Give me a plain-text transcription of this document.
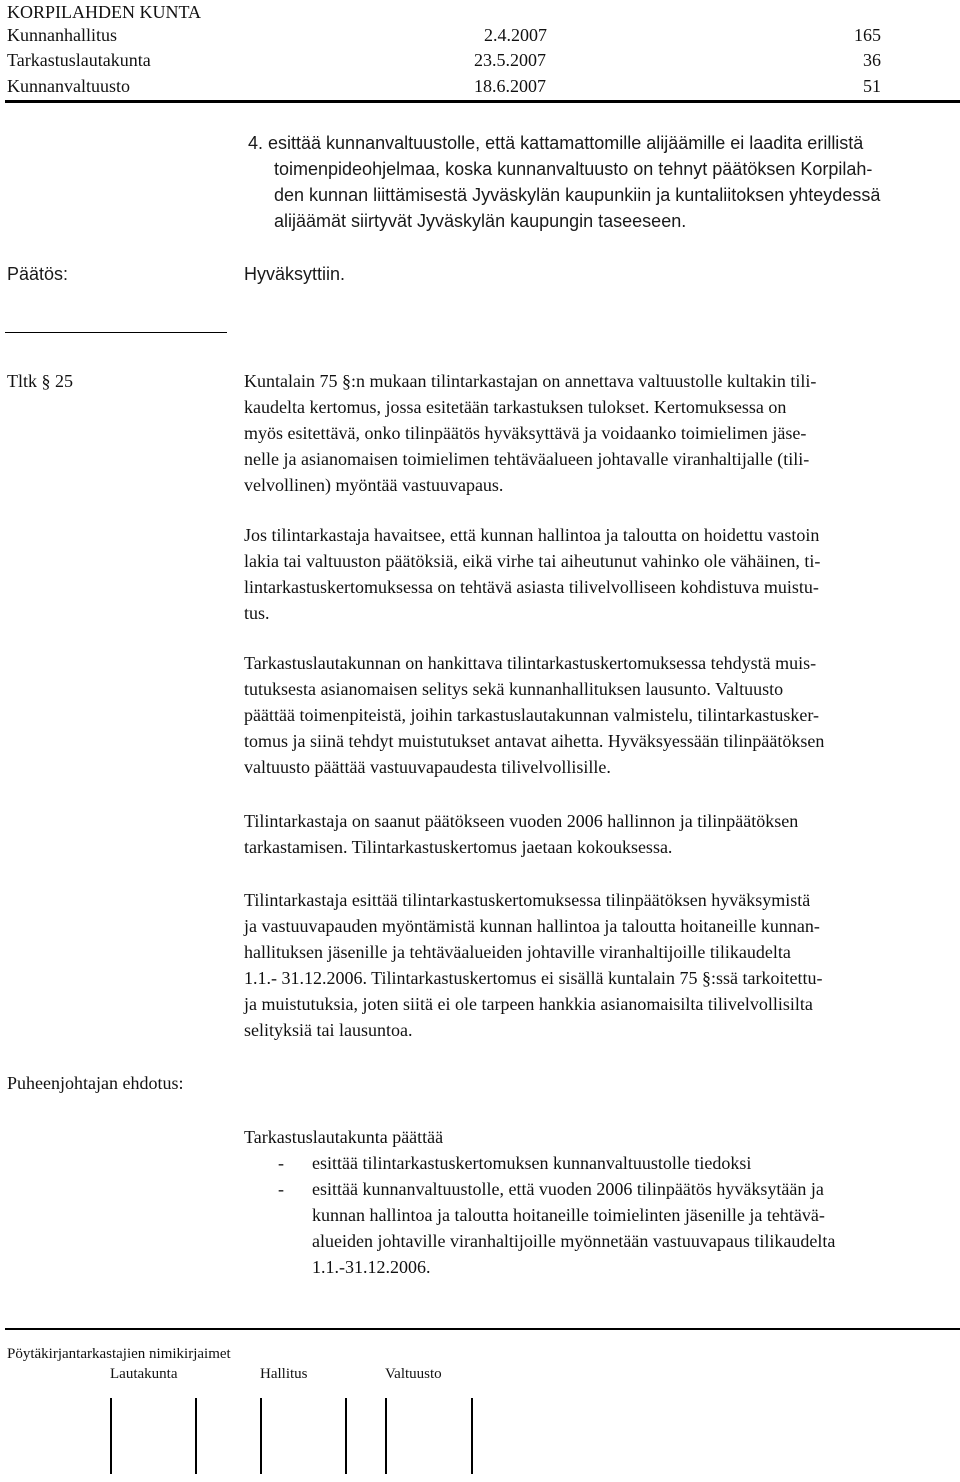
KORPILAHDEN KUNTA
Kunnanhallitus	2.4.2007	165
Tarkastuslautakunta	23.5.2007	36
Kunnanvaltuusto	18.6.2007	51
4. esittää kunnanvaltuustolle, että kattamattomille alijäämille ei laadita erillistä
toimenpideohjelmaa, koska kunnanvaltuusto on tehnyt päätöksen Korpilah-
den kunnan liittämisestä Jyväskylän kaupunkiin ja kuntaliitoksen yhteydessä
alijäämät siirtyvät Jyväskylän kaupungin taseeseen.
Päätös:	Hyväksyttiin.
Tltk § 25	Kuntalain 75 §:n mukaan tilintarkastajan on annettava valtuustolle kultakin tili-
kaudelta kertomus, jossa esitetään tarkastuksen tulokset. Kertomuksessa on
myös esitettävä, onko tilinpäätös hyväksyttävä ja voidaanko toimielimen jäse-
nelle ja asianomaisen toimielimen tehtäväalueen johtavalle viranhaltijalle (tili-
velvollinen) myöntää vastuuvapaus.
Jos tilintarkastaja havaitsee, että kunnan hallintoa ja taloutta on hoidettu vastoin
lakia tai valtuuston päätöksiä, eikä virhe tai aiheutunut vahinko ole vähäinen, ti-
lintarkastuskertomuksessa on tehtävä asiasta tilivelvolliseen kohdistuva muistu-
tus.
Tarkastuslautakunnan on hankittava tilintarkastuskertomuksessa tehdystä muis-
tutuksesta asianomaisen selitys sekä kunnanhallituksen lausunto. Valtuusto
päättää toimenpiteistä, joihin tarkastuslautakunnan valmistelu, tilintarkastusker-
tomus ja siinä tehdyt muistutukset antavat aihetta. Hyväksyessään tilinpäätöksen
valtuusto päättää vastuuvapaudesta tilivelvollisille.
Tilintarkastaja on saanut päätökseen vuoden 2006 hallinnon ja tilinpäätöksen
tarkastamisen. Tilintarkastuskertomus jaetaan kokouksessa.
Tilintarkastaja esittää tilintarkastuskertomuksessa tilinpäätöksen hyväksymistä
ja vastuuvapauden myöntämistä kunnan hallintoa ja taloutta hoitaneille kunnan-
hallituksen jäsenille ja tehtäväalueiden johtaville viranhaltijoille tilikaudelta
1.1.- 31.12.2006. Tilintarkastuskertomus ei sisällä kuntalain 75 §:ssä tarkoitettu-
ja muistutuksia, joten siitä ei ole tarpeen hankkia asianomaisilta tilivelvollisilta
selityksiä tai lausuntoa.
Puheenjohtajan ehdotus:
Tarkastuslautakunta päättää
- esittää tilintarkastuskertomuksen kunnanvaltuustolle tiedoksi
- esittää kunnanvaltuustolle, että vuoden 2006 tilinpäätös hyväksytään ja
kunnan hallintoa ja taloutta hoitaneille toimielinten jäsenille ja tehtävä-
alueiden johtaville viranhaltijoille myönnetään vastuuvapaus tilikaudelta
1.1.-31.12.2006.
Pöytäkirjantarkastajien nimikirjaimet
Lautakunta	Hallitus	Valtuusto
